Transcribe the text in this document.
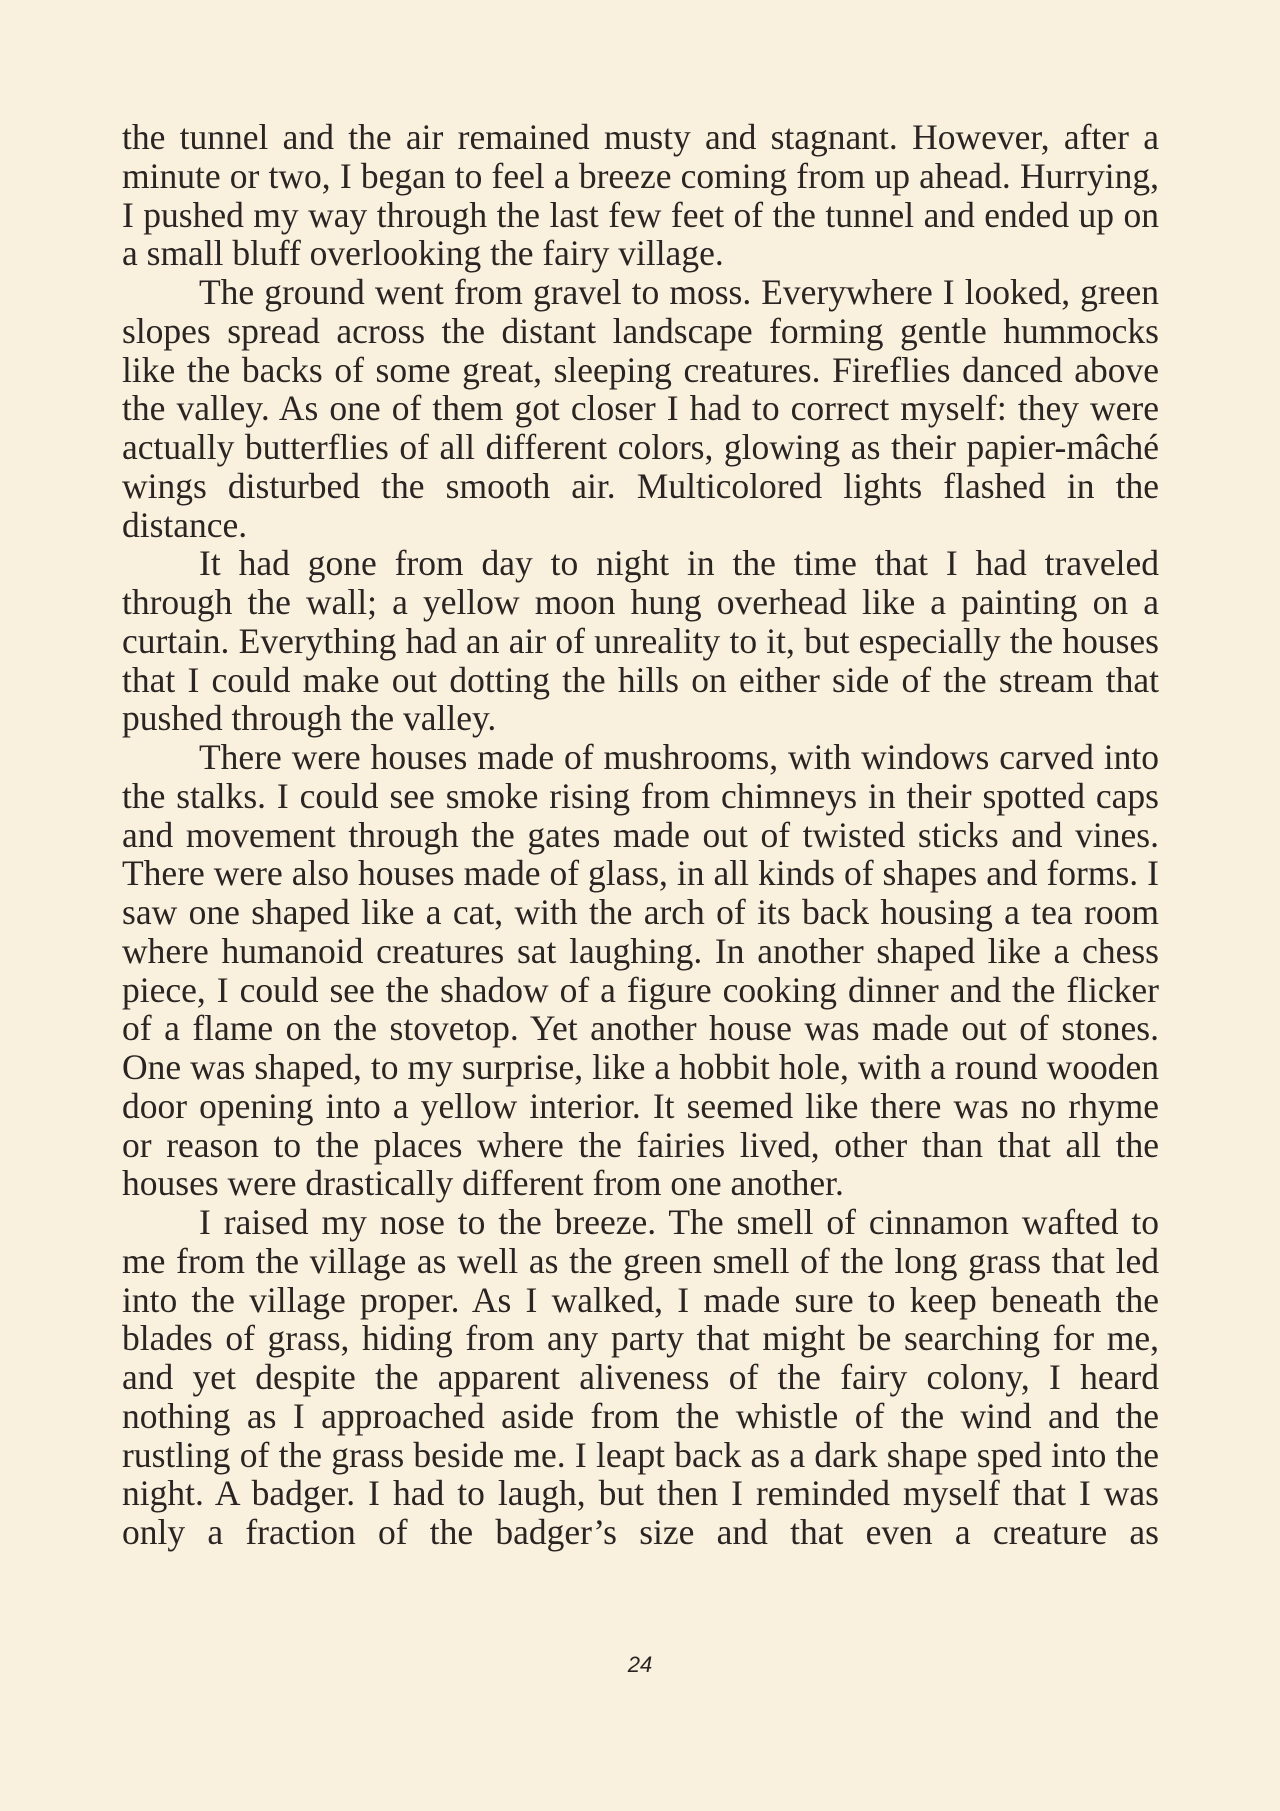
the tunnel and the air remained musty and stagnant. However, after a minute or two, I began to feel a breeze coming from up ahead. Hurrying, I pushed my way through the last few feet of the tunnel and ended up on a small bluff overlooking the fairy village.

The ground went from gravel to moss. Everywhere I looked, green slopes spread across the distant landscape forming gentle hummocks like the backs of some great, sleeping creatures. Fireflies danced above the valley. As one of them got closer I had to correct myself: they were actually butterflies of all different colors, glowing as their papier-mâché wings disturbed the smooth air. Multicolored lights flashed in the distance.

It had gone from day to night in the time that I had traveled through the wall; a yellow moon hung overhead like a painting on a curtain. Everything had an air of unreality to it, but especially the houses that I could make out dotting the hills on either side of the stream that pushed through the valley.

There were houses made of mushrooms, with windows carved into the stalks. I could see smoke rising from chimneys in their spotted caps and movement through the gates made out of twisted sticks and vines. There were also houses made of glass, in all kinds of shapes and forms. I saw one shaped like a cat, with the arch of its back housing a tea room where humanoid creatures sat laughing. In another shaped like a chess piece, I could see the shadow of a figure cooking dinner and the flicker of a flame on the stovetop. Yet another house was made out of stones. One was shaped, to my surprise, like a hobbit hole, with a round wooden door opening into a yellow interior. It seemed like there was no rhyme or reason to the places where the fairies lived, other than that all the houses were drastically different from one another.

I raised my nose to the breeze. The smell of cinnamon wafted to me from the village as well as the green smell of the long grass that led into the village proper. As I walked, I made sure to keep beneath the blades of grass, hiding from any party that might be searching for me, and yet despite the apparent aliveness of the fairy colony, I heard nothing as I approached aside from the whistle of the wind and the rustling of the grass beside me. I leapt back as a dark shape sped into the night. A badger. I had to laugh, but then I reminded myself that I was only a fraction of the badger’s size and that even a creature as

24
